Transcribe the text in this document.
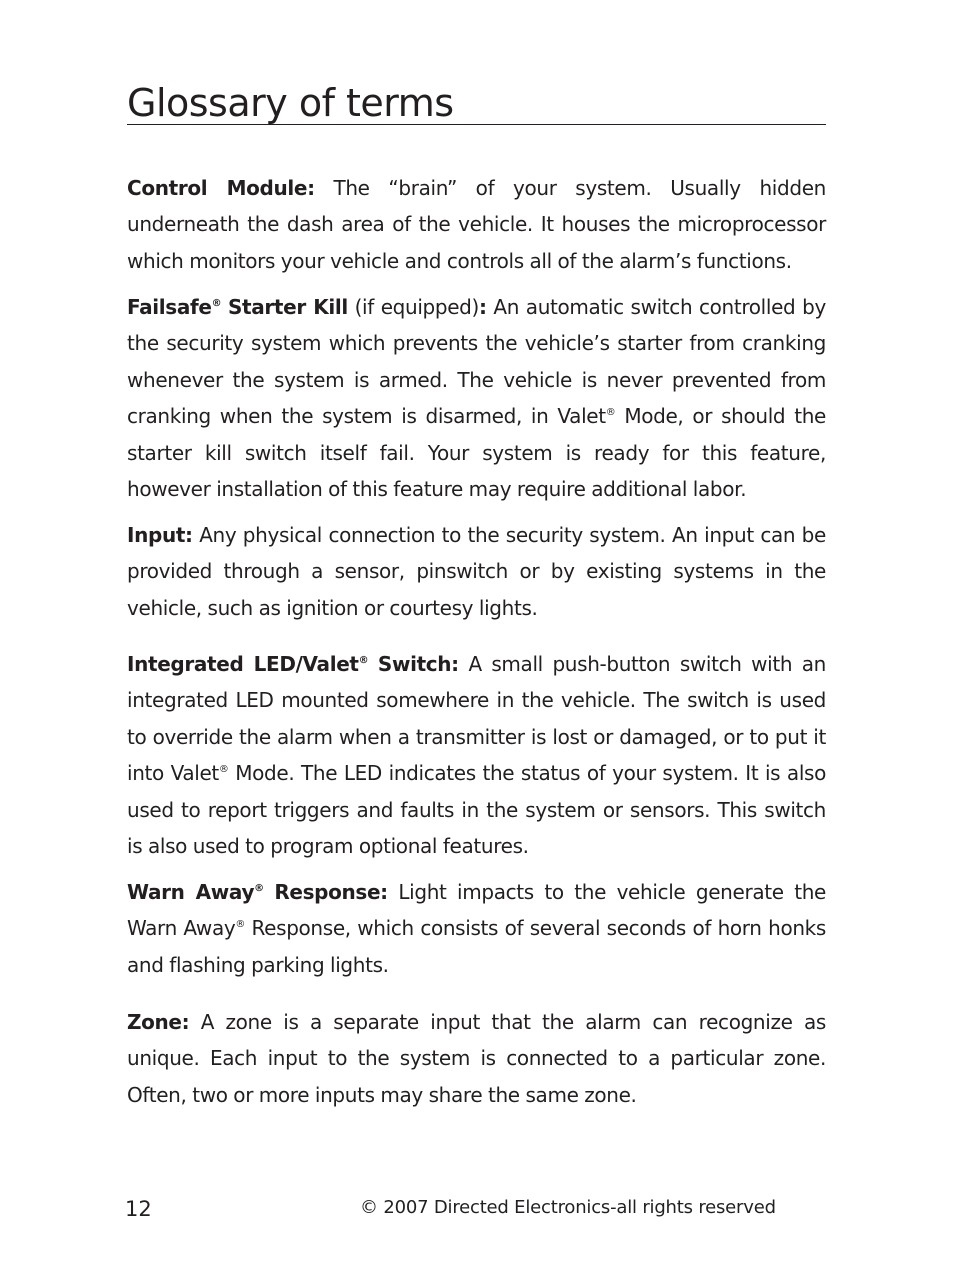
Glossary of terms

Control Module: The “brain” of your system. Usually hidden underneath the dash area of the vehicle. It houses the microprocessor which monitors your vehicle and controls all of the alarm’s functions.

Failsafe® Starter Kill (if equipped): An automatic switch controlled by the security system which prevents the vehicle’s starter from cranking whenever the system is armed. The vehicle is never prevented from cranking when the system is disarmed, in Valet® Mode, or should the starter kill switch itself fail. Your system is ready for this feature, however installation of this feature may require additional labor.

Input: Any physical connection to the security system. An input can be provided through a sensor, pinswitch or by existing systems in the vehicle, such as ignition or courtesy lights.

Integrated LED/Valet® Switch: A small push-button switch with an integrated LED mounted somewhere in the vehicle. The switch is used to override the alarm when a transmitter is lost or damaged, or to put it into Valet® Mode. The LED indicates the status of your system. It is also used to report triggers and faults in the system or sensors. This switch is also used to program optional features.

Warn Away® Response: Light impacts to the vehicle generate the Warn Away® Response, which consists of several seconds of horn honks and flashing parking lights.

Zone: A zone is a separate input that the alarm can recognize as unique. Each input to the system is connected to a particular zone. Often, two or more inputs may share the same zone.

12	© 2007 Directed Electronics-all rights reserved
